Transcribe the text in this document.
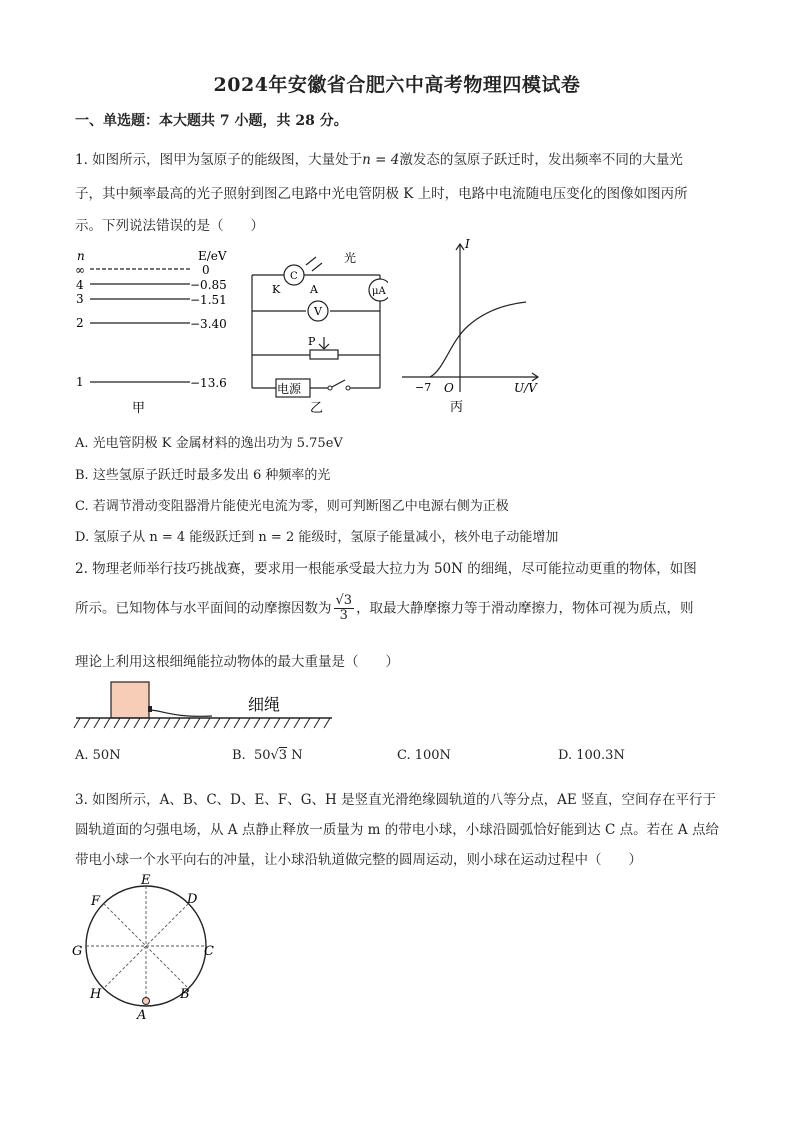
2024年安徽省合肥六中高考物理四模试卷
一、单选题：本大题共 7 小题，共 28 分。
1. 如图所示，图甲为氢原子的能级图，大量处于n = 4激发态的氢原子跃迁时，发出频率不同的大量光
子，其中频率最高的光子照射到图乙电路中光电管阴极 K 上时，电路中电流随电压变化的图像如图丙所
示。下列说法错误的是（　　）
n	E/eV
∞	0
4	−0.85
3	−1.51
2	−3.40
1	−13.6
甲
C
μA
V
P
电源
光
K	A
乙
I
U/V
−7 O
丙
A. 光电管阴极 K 金属材料的逸出功为 5.75eV
B. 这些氢原子跃迁时最多发出 6 种频率的光
C. 若调节滑动变阻器滑片能使光电流为零，则可判断图乙中电源右侧为正极
D. 氢原子从 n = 4 能级跃迁到 n = 2 能级时，氢原子能量减小，核外电子动能增加
2. 物理老师举行技巧挑战赛，要求用一根能承受最大拉力为 50N 的细绳，尽可能拉动更重的物体，如图
所示。已知物体与水平面间的动摩擦因数为 $\frac{√3}{3}$ ，取最大静摩擦力等于滑动摩擦力，物体可视为质点，则
理论上利用这根细绳能拉动物体的最大重量是（　　）
细绳
A. 50N	B. 50√3 N	C. 100N	D. 100.3N
3. 如图所示，A、B、C、D、E、F、G、H 是竖直光滑绝缘圆轨道的八等分点，AE 竖直，空间存在平行于
圆轨道面的匀强电场，从 A 点静止释放一质量为 m 的带电小球，小球沿圆弧恰好能到达 C 点。若在 A 点给
带电小球一个水平向右的冲量，让小球沿轨道做完整的圆周运动，则小球在运动过程中（　　）
E
D
C
B
A
H
G
F
